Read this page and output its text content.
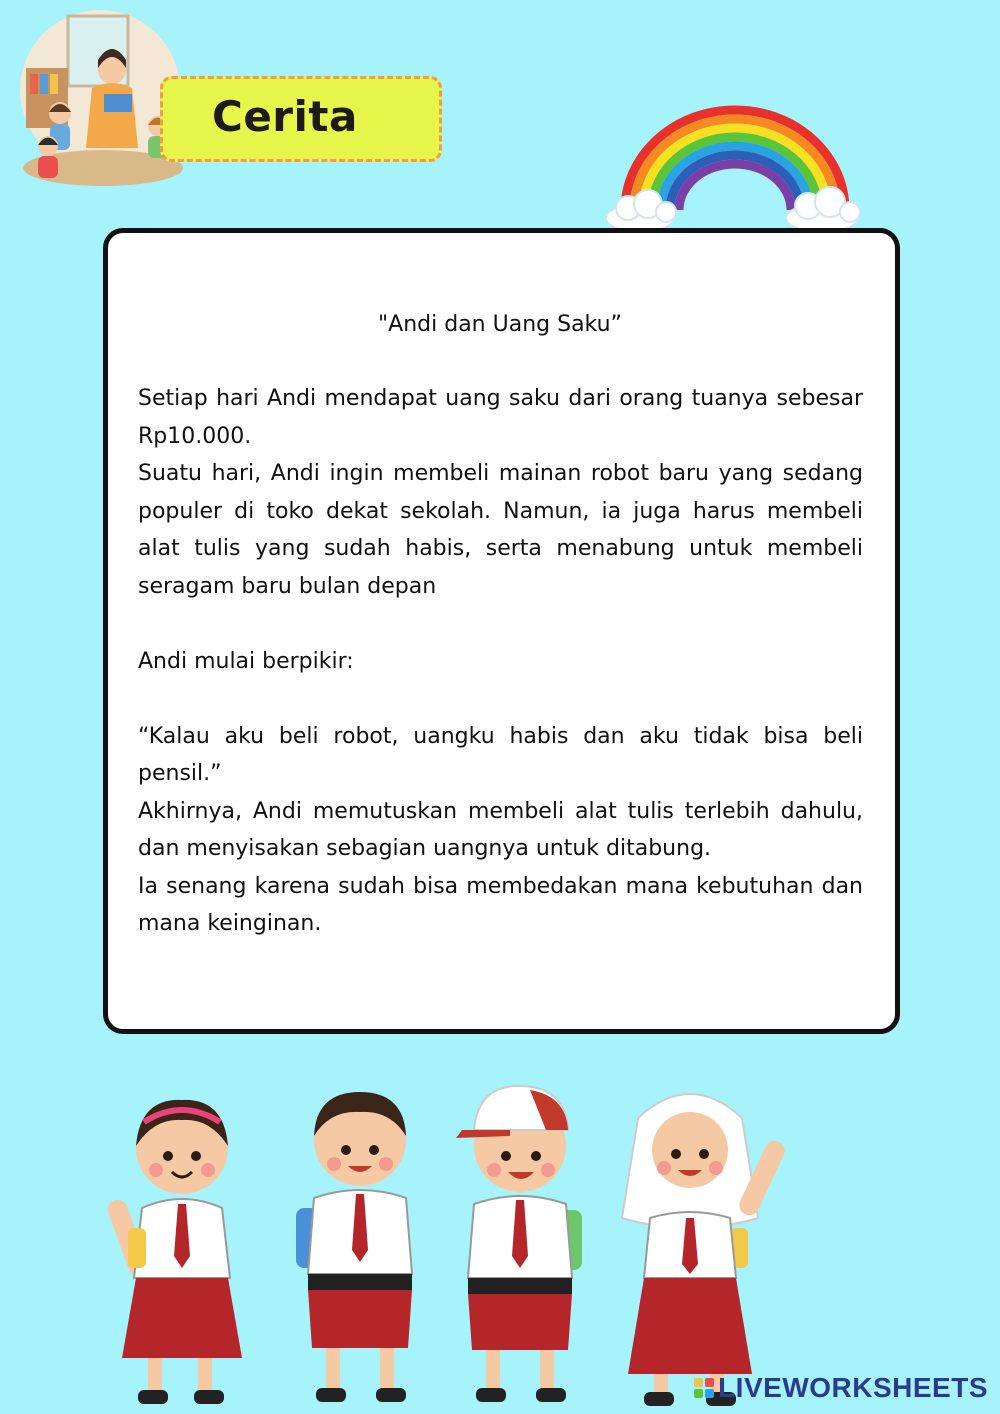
Cerita
"Andi dan Uang Saku”

Setiap hari Andi mendapat uang saku dari orang tuanya sebesar Rp10.000.

Suatu hari, Andi ingin membeli mainan robot baru yang sedang populer di toko dekat sekolah. Namun, ia juga harus membeli alat tulis yang sudah habis, serta menabung untuk membeli seragam baru bulan depan

Andi mulai berpikir:

“Kalau aku beli robot, uangku habis dan aku tidak bisa beli pensil.”

Akhirnya, Andi memutuskan membeli alat tulis terlebih dahulu, dan menyisakan sebagian uangnya untuk ditabung.

Ia senang karena sudah bisa membedakan mana kebutuhan dan mana keinginan.

LIVEWORKSHEETS
